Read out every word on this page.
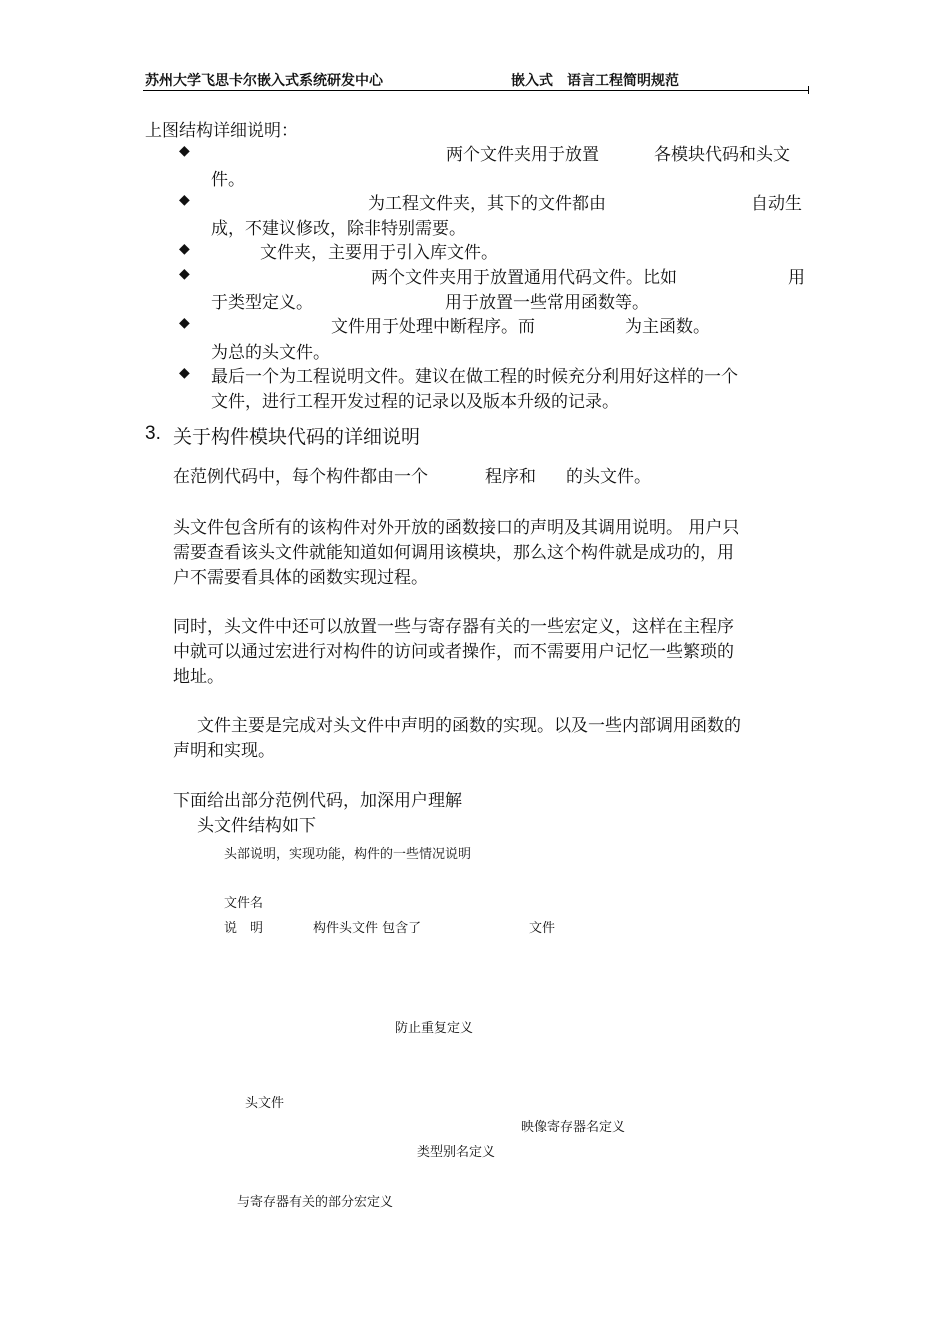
苏州大学飞思卡尔嵌入式系统研发中心	嵌入式　语言工程简明规范
上图结构详细说明：
◆	两个文件夹用于放置	各模块代码和头文
件。
◆	为工程文件夹，其下的文件都由	自动生
成，不建议修改，除非特别需要。
◆	文件夹，主要用于引入库文件。
◆	两个文件夹用于放置通用代码文件。比如	用
于类型定义。	用于放置一些常用函数等。
◆	文件用于处理中断程序。而	为主函数。
为总的头文件。
◆ 最后一个为工程说明文件。建议在做工程的时候充分利用好这样的一个
文件，进行工程开发过程的记录以及版本升级的记录。
3. 关于构件模块代码的详细说明
在范例代码中，每个构件都由一个	程序和 的头文件。
头文件包含所有的该构件对外开放的函数接口的声明及其调用说明。 用户只
需要查看该头文件就能知道如何调用该模块，那么这个构件就是成功的，用
户不需要看具体的函数实现过程。
同时，头文件中还可以放置一些与寄存器有关的一些宏定义，这样在主程序
中就可以通过宏进行对构件的访问或者操作，而不需要用户记忆一些繁琐的
地址。
文件主要是完成对头文件中声明的函数的实现。以及一些内部调用函数的
声明和实现。
下面给出部分范例代码，加深用户理解
头文件结构如下
头部说明，实现功能，构件的一些情况说明
文件名
说　明	构件头文件 包含了	文件
防止重复定义
头文件
映像寄存器名定义
类型别名定义
与寄存器有关的部分宏定义
